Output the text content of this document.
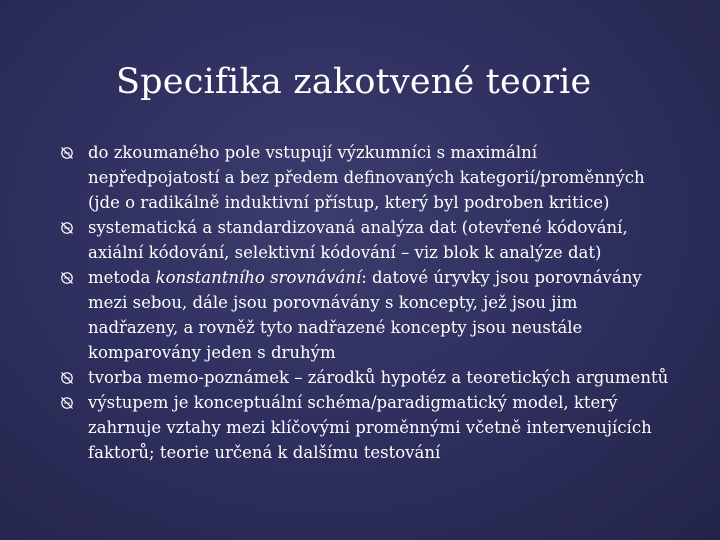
Specifika zakotvené teorie
do zkoumaného pole vstupují výzkumníci s maximální nepředpojatostí a bez předem definovaných kategorií/proměnných (jde o radikálně induktivní přístup, který byl podroben kritice)
systematická a standardizovaná analýza dat (otevřené kódování, axiální kódování, selektivní kódování – viz blok k analýze dat)
metoda konstantního srovnávání: datové úryvky jsou porovnávány mezi sebou, dále jsou porovnávány s koncepty, jež jsou jim nadřazeny, a rovněž tyto nadřazené koncepty jsou neustále komparovány jeden s druhým
tvorba memo-poznámek – zárodků hypotéz a teoretických argumentů
výstupem je konceptuální schéma/paradigmatický model, který zahrnuje vztahy mezi klíčovými proměnnými včetně intervenujících faktorů; teorie určená k dalšímu testování
